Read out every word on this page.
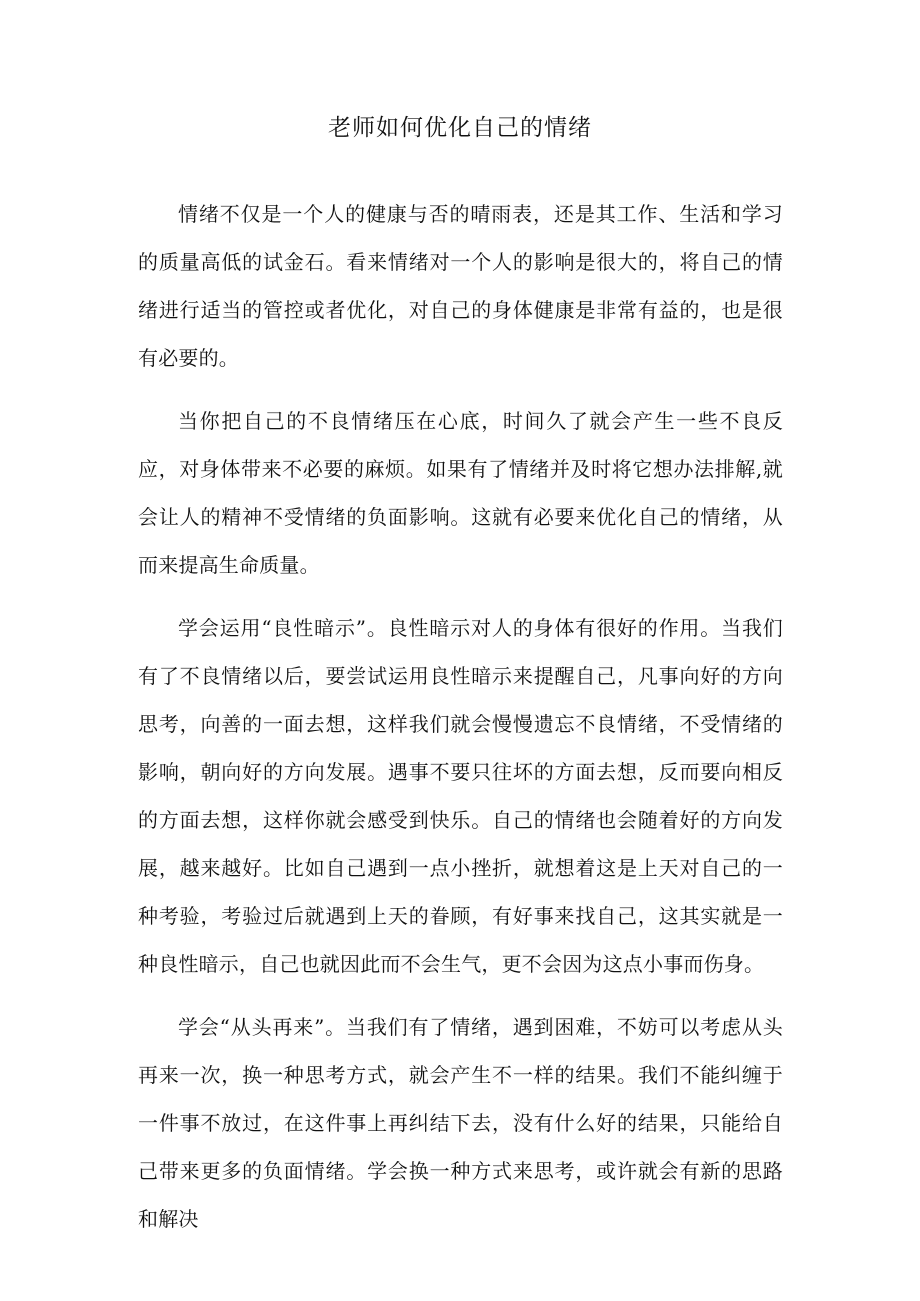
老师如何优化自己的情绪

情绪不仅是一个人的健康与否的晴雨表，还是其工作、生活和学习的质量高低的试金石。看来情绪对一个人的影响是很大的，将自己的情绪进行适当的管控或者优化，对自己的身体健康是非常有益的，也是很有必要的。

当你把自己的不良情绪压在心底，时间久了就会产生一些不良反应，对身体带来不必要的麻烦。如果有了情绪并及时将它想办法排解,就会让人的精神不受情绪的负面影响。这就有必要来优化自己的情绪，从而来提高生命质量。

学会运用“良性暗示”。良性暗示对人的身体有很好的作用。当我们有了不良情绪以后，要尝试运用良性暗示来提醒自己，凡事向好的方向思考，向善的一面去想，这样我们就会慢慢遗忘不良情绪，不受情绪的影响，朝向好的方向发展。遇事不要只往坏的方面去想，反而要向相反的方面去想，这样你就会感受到快乐。自己的情绪也会随着好的方向发展，越来越好。比如自己遇到一点小挫折，就想着这是上天对自己的一种考验，考验过后就遇到上天的眷顾，有好事来找自己，这其实就是一种良性暗示，自己也就因此而不会生气，更不会因为这点小事而伤身。

学会“从头再来”。当我们有了情绪，遇到困难，不妨可以考虑从头再来一次，换一种思考方式，就会产生不一样的结果。我们不能纠缠于一件事不放过，在这件事上再纠结下去，没有什么好的结果，只能给自己带来更多的负面情绪。学会换一种方式来思考，或许就会有新的思路和解决
